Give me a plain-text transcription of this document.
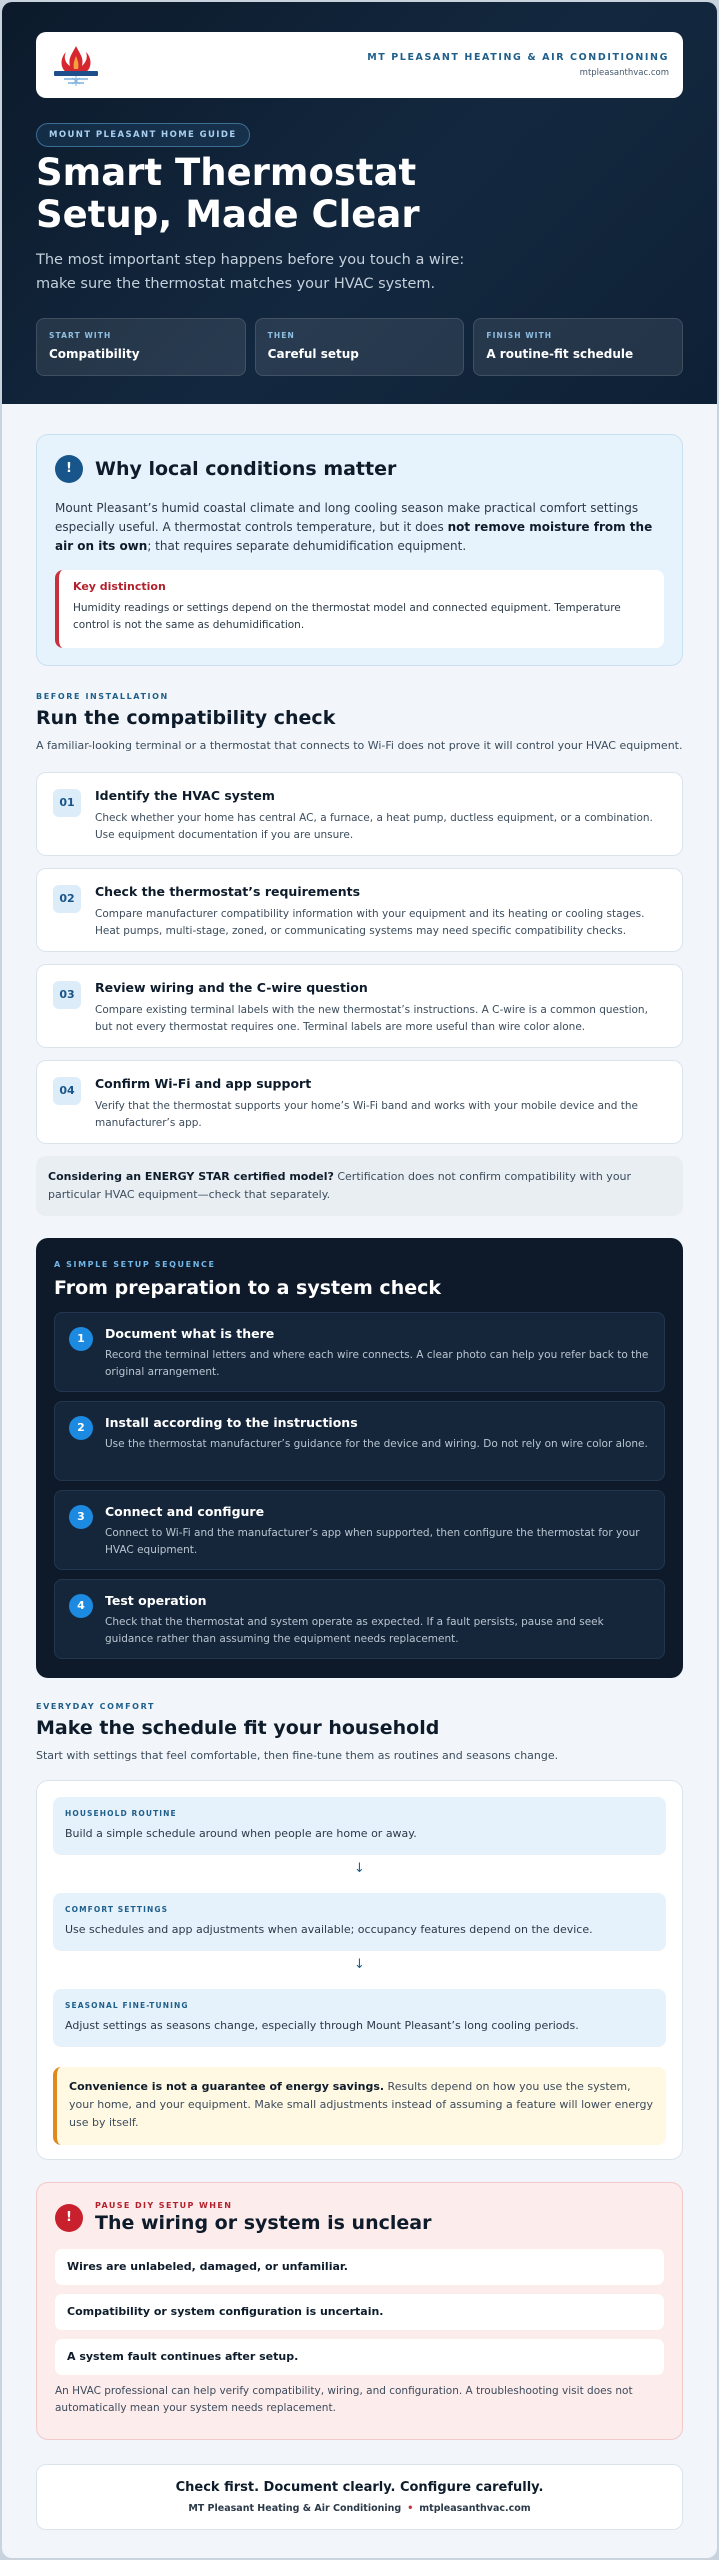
MT PLEASANT HEATING & AIR CONDITIONING
mtpleasanthvac.com
MOUNT PLEASANT HOME GUIDE
Smart Thermostat
Setup, Made Clear
The most important step happens before you touch a wire: make sure the thermostat matches your HVAC system.
START WITH
Compatibility
THEN
Careful setup
FINISH WITH
A routine-fit schedule
!	Why local conditions matter
Mount Pleasant’s humid coastal climate and long cooling season make practical comfort settings especially useful. A thermostat controls temperature, but it does not remove moisture from the air on its own; that requires separate dehumidification equipment.
Key distinction
Humidity readings or settings depend on the thermostat model and connected equipment. Temperature control is not the same as dehumidification.
BEFORE INSTALLATION
Run the compatibility check
A familiar-looking terminal or a thermostat that connects to Wi-Fi does not prove it will control your HVAC equipment.
01	Identify the HVAC system
Check whether your home has central AC, a furnace, a heat pump, ductless equipment, or a combination. Use equipment documentation if you are unsure.
02	Check the thermostat’s requirements
Compare manufacturer compatibility information with your equipment and its heating or cooling stages. Heat pumps, multi-stage, zoned, or communicating systems may need specific compatibility checks.
03	Review wiring and the C-wire question
Compare existing terminal labels with the new thermostat’s instructions. A C-wire is a common question, but not every thermostat requires one. Terminal labels are more useful than wire color alone.
04	Confirm Wi-Fi and app support
Verify that the thermostat supports your home’s Wi-Fi band and works with your mobile device and the manufacturer’s app.
Considering an ENERGY STAR certified model? Certification does not confirm compatibility with your particular HVAC equipment—check that separately.
A SIMPLE SETUP SEQUENCE
From preparation to a system check
1	Document what is there
Record the terminal letters and where each wire connects. A clear photo can help you refer back to the original arrangement.
2	Install according to the instructions
Use the thermostat manufacturer’s guidance for the device and wiring. Do not rely on wire color alone.
3	Connect and configure
Connect to Wi-Fi and the manufacturer’s app when supported, then configure the thermostat for your HVAC equipment.
4	Test operation
Check that the thermostat and system operate as expected. If a fault persists, pause and seek guidance rather than assuming the equipment needs replacement.
EVERYDAY COMFORT
Make the schedule fit your household
Start with settings that feel comfortable, then fine-tune them as routines and seasons change.
HOUSEHOLD ROUTINE
Build a simple schedule around when people are home or away.
↓
COMFORT SETTINGS
Use schedules and app adjustments when available; occupancy features depend on the device.
↓
SEASONAL FINE-TUNING
Adjust settings as seasons change, especially through Mount Pleasant’s long cooling periods.
Convenience is not a guarantee of energy savings. Results depend on how you use the system, your home, and your equipment. Make small adjustments instead of assuming a feature will lower energy use by itself.
!
PAUSE DIY SETUP WHEN
The wiring or system is unclear
Wires are unlabeled, damaged, or unfamiliar.
Compatibility or system configuration is uncertain.
A system fault continues after setup.
An HVAC professional can help verify compatibility, wiring, and configuration. A troubleshooting visit does not automatically mean your system needs replacement.
Check first. Document clearly. Configure carefully.
MT Pleasant Heating & Air Conditioning • mtpleasanthvac.com
